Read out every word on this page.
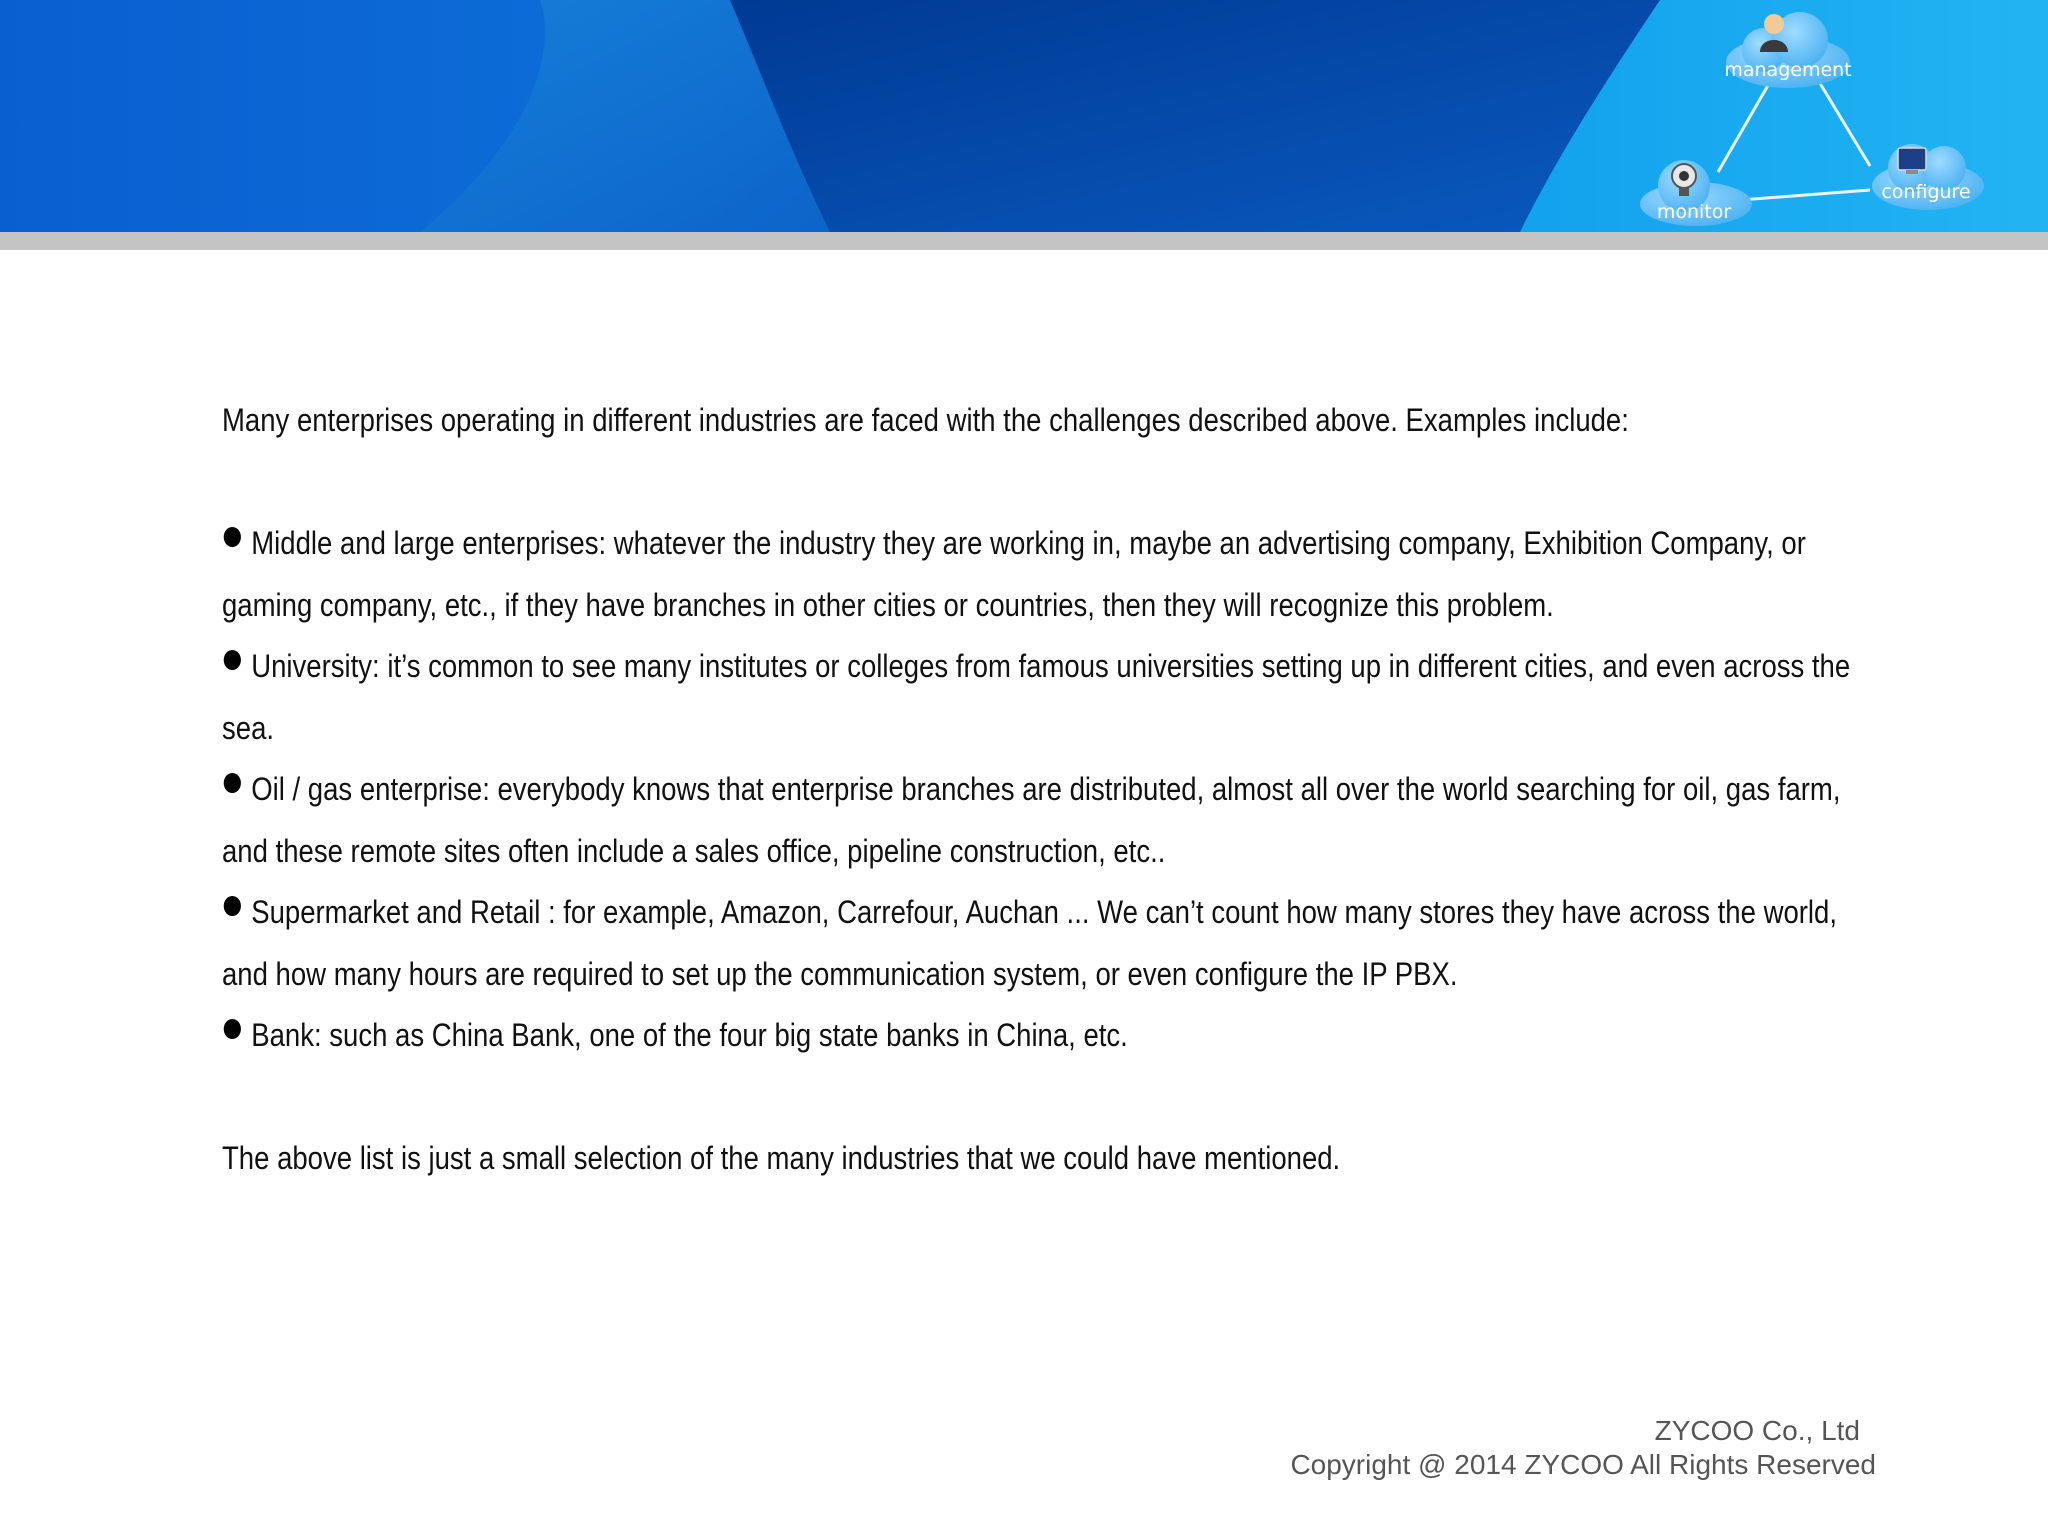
management
monitor
configure

Many enterprises operating in different industries are faced with the challenges described above. Examples include:

Middle and large enterprises: whatever the industry they are working in, maybe an advertising company, Exhibition Company, or
gaming company, etc., if they have branches in other cities or countries, then they will recognize this problem.
University: it’s common to see many institutes or colleges from famous universities setting up in different cities, and even across the
sea.
Oil / gas enterprise: everybody knows that enterprise branches are distributed, almost all over the world searching for oil, gas farm,
and these remote sites often include a sales office, pipeline construction, etc..
Supermarket and Retail : for example, Amazon, Carrefour, Auchan ... We can’t count how many stores they have across the world,
and how many hours are required to set up the communication system, or even configure the IP PBX.
Bank: such as China Bank, one of the four big state banks in China, etc.

The above list is just a small selection of the many industries that we could have mentioned.

ZYCOO Co., Ltd
Copyright @ 2014 ZYCOO All Rights Reserved
